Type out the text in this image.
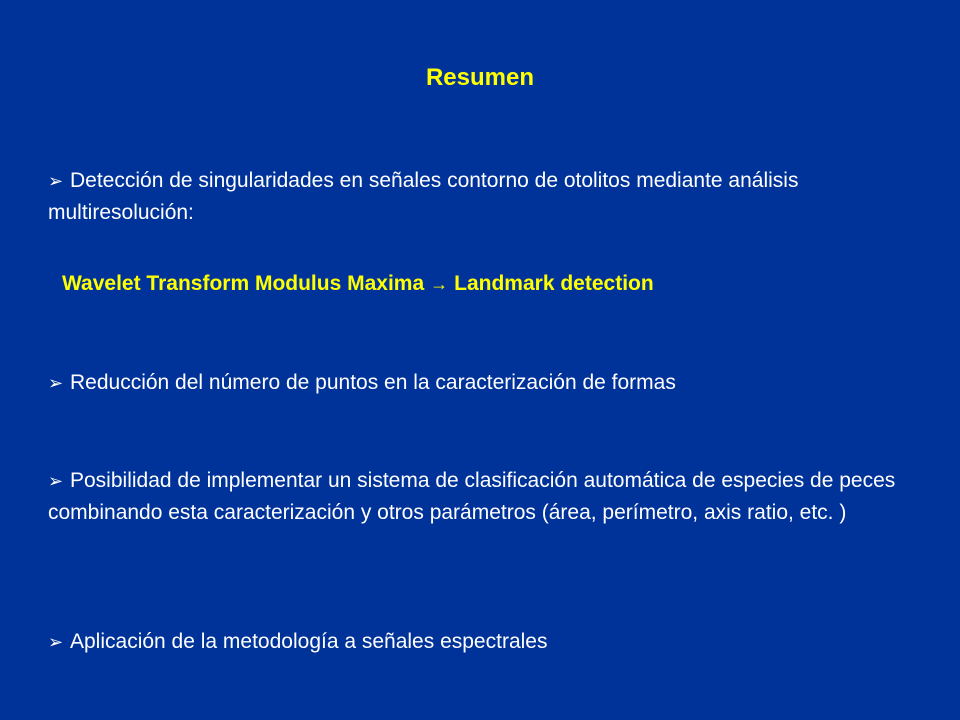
Resumen
➢ Detección de singularidades en señales contorno de otolitos mediante análisis multiresolución:
Wavelet Transform Modulus Maxima → Landmark detection
➢ Reducción del número de puntos en la caracterización de formas
➢ Posibilidad de implementar un sistema de clasificación automática de especies de peces combinando esta caracterización y otros parámetros (área, perímetro, axis ratio, etc. )
➢ Aplicación de la metodología a señales espectrales
